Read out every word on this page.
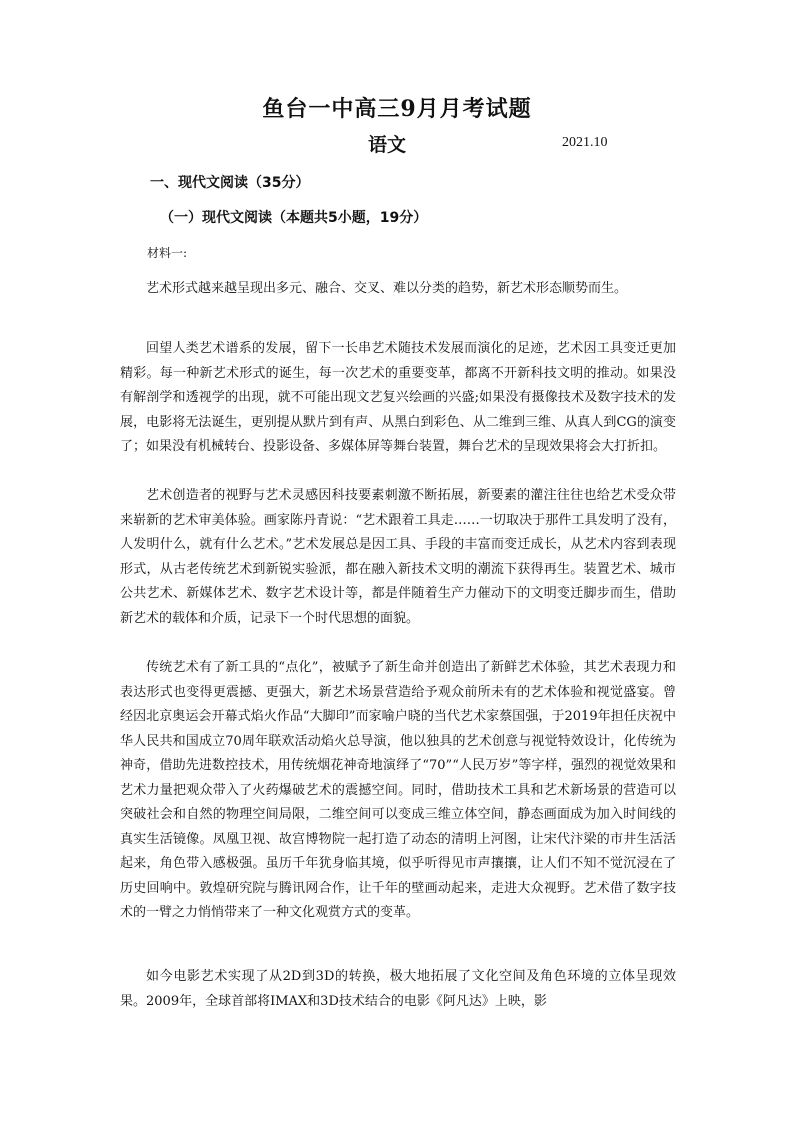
鱼台一中高三9月月考试题
语文	2021.10
一、现代文阅读（35分）
（一）现代文阅读（本题共5小题，19分）
材料一:

艺术形式越来越呈现出多元、融合、交叉、难以分类的趋势，新艺术形态顺势而生。

回望人类艺术谱系的发展，留下一长串艺术随技术发展而演化的足迹，艺术因工具变迁更加精彩。每一种新艺术形式的诞生，每一次艺术的重要变革，都离不开新科技文明的推动。如果没有解剖学和透视学的出现，就不可能出现文艺复兴绘画的兴盛;如果没有摄像技术及数字技术的发展，电影将无法诞生，更别提从默片到有声、从黑白到彩色、从二维到三维、从真人到CG的演变了；如果没有机械转台、投影设备、多媒体屏等舞台装置，舞台艺术的呈现效果将会大打折扣。

艺术创造者的视野与艺术灵感因科技要素刺激不断拓展，新要素的灌注往往也给艺术受众带来崭新的艺术审美体验。画家陈丹青说：“艺术跟着工具走……一切取决于那件工具发明了没有，人发明什么，就有什么艺术。”艺术发展总是因工具、手段的丰富而变迁成长，从艺术内容到表现形式，从古老传统艺术到新锐实验派，都在融入新技术文明的潮流下获得再生。装置艺术、城市公共艺术、新媒体艺术、数字艺术设计等，都是伴随着生产力催动下的文明变迁脚步而生，借助新艺术的载体和介质，记录下一个时代思想的面貌。

传统艺术有了新工具的“点化”，被赋予了新生命并创造出了新鲜艺术体验，其艺术表现力和表达形式也变得更震撼、更强大，新艺术场景营造给予观众前所未有的艺术体验和视觉盛宴。曾经因北京奥运会开幕式焰火作品“大脚印”而家喻户晓的当代艺术家蔡国强，于2019年担任庆祝中华人民共和国成立70周年联欢活动焰火总导演，他以独具的艺术创意与视觉特效设计，化传统为神奇，借助先进数控技术，用传统烟花神奇地演绎了“70”“人民万岁”等字样，强烈的视觉效果和艺术力量把观众带入了火药爆破艺术的震撼空间。同时，借助技术工具和艺术新场景的营造可以突破社会和自然的物理空间局限，二维空间可以变成三维立体空间，静态画面成为加入时间线的真实生活镜像。凤凰卫视、故宫博物院一起打造了动态的清明上河图，让宋代汴梁的市井生活活起来，角色带入感极强。虽历千年犹身临其境，似乎听得见市声攘攘，让人们不知不觉沉浸在了历史回响中。敦煌研究院与腾讯网合作，让千年的壁画动起来，走进大众视野。艺术借了数字技术的一臂之力悄悄带来了一种文化观赏方式的变革。

如今电影艺术实现了从2D到3D的转换，极大地拓展了文化空间及角色环境的立体呈现效果。2009年，全球首部将IMAX和3D技术结合的电影《阿凡达》上映，影
